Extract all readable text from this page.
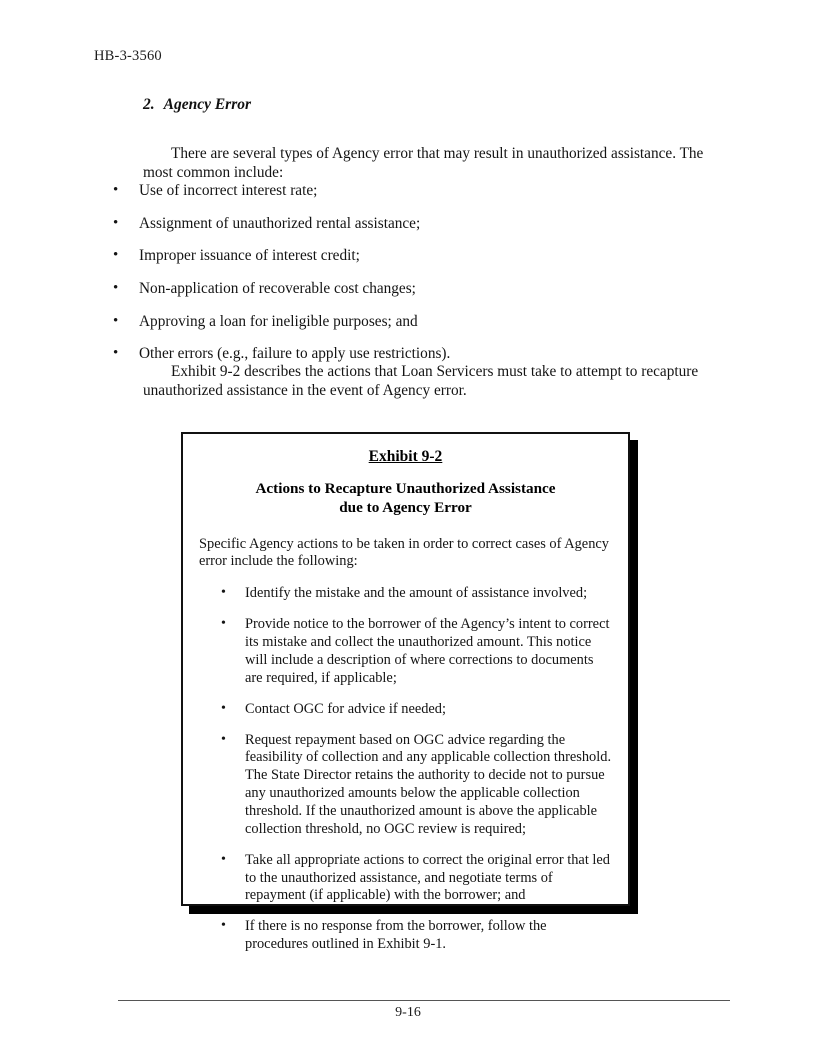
HB-3-3560
2. Agency Error

There are several types of Agency error that may result in unauthorized assistance. The most common include:

• Use of incorrect interest rate;
• Assignment of unauthorized rental assistance;
• Improper issuance of interest credit;
• Non-application of recoverable cost changes;
• Approving a loan for ineligible purposes; and
• Other errors (e.g., failure to apply use restrictions).

Exhibit 9-2 describes the actions that Loan Servicers must take to attempt to recapture unauthorized assistance in the event of Agency error.

Exhibit 9-2
Actions to Recapture Unauthorized Assistance
due to Agency Error

Specific Agency actions to be taken in order to correct cases of Agency error include the following:

• Identify the mistake and the amount of assistance involved;
• Provide notice to the borrower of the Agency’s intent to correct its mistake and collect the unauthorized amount. This notice will include a description of where corrections to documents are required, if applicable;
• Contact OGC for advice if needed;
• Request repayment based on OGC advice regarding the feasibility of collection and any applicable collection threshold. The State Director retains the authority to decide not to pursue any unauthorized amounts below the applicable collection threshold. If the unauthorized amount is above the applicable collection threshold, no OGC review is required;
• Take all appropriate actions to correct the original error that led to the unauthorized assistance, and negotiate terms of repayment (if applicable) with the borrower; and
• If there is no response from the borrower, follow the procedures outlined in Exhibit 9-1.
9-16
